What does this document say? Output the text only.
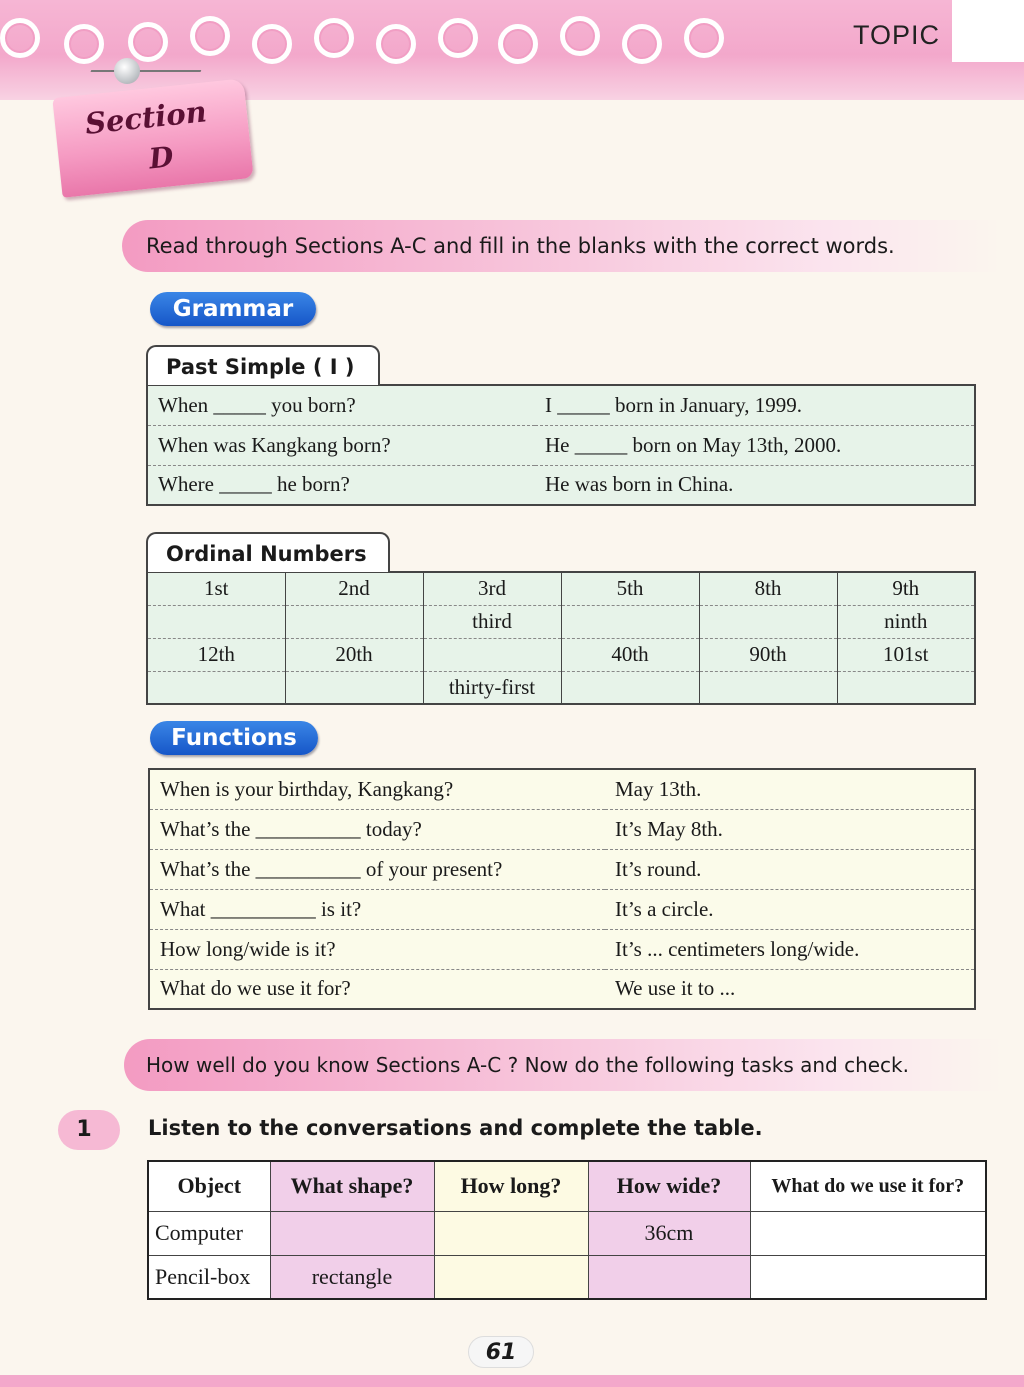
TOPIC
Section
D
Read through Sections A-C and fill in the blanks with the correct words.
Grammar
Past Simple ( I )
When _____ you born?	I _____ born in January, 1999.
When was Kangkang born?	He _____ born on May 13th, 2000.
Where _____ he born?	He was born in China.
Ordinal Numbers
1st	2nd	3rd	5th	8th	9th
		third			ninth
12th	20th		40th	90th	101st
		thirty-first			
Functions
When is your birthday, Kangkang?	May 13th.
What’s the __________ today?	It’s May 8th.
What’s the __________ of your present?	It’s round.
What __________ is it?	It’s a circle.
How long/wide is it?	It’s ... centimeters long/wide.
What do we use it for?	We use it to ...
How well do you know Sections A-C ? Now do the following tasks and check.
1	Listen to the conversations and complete the table.
Object	What shape?	How long?	How wide?	What do we use it for?
Computer			36cm	
Pencil-box	rectangle			
61
